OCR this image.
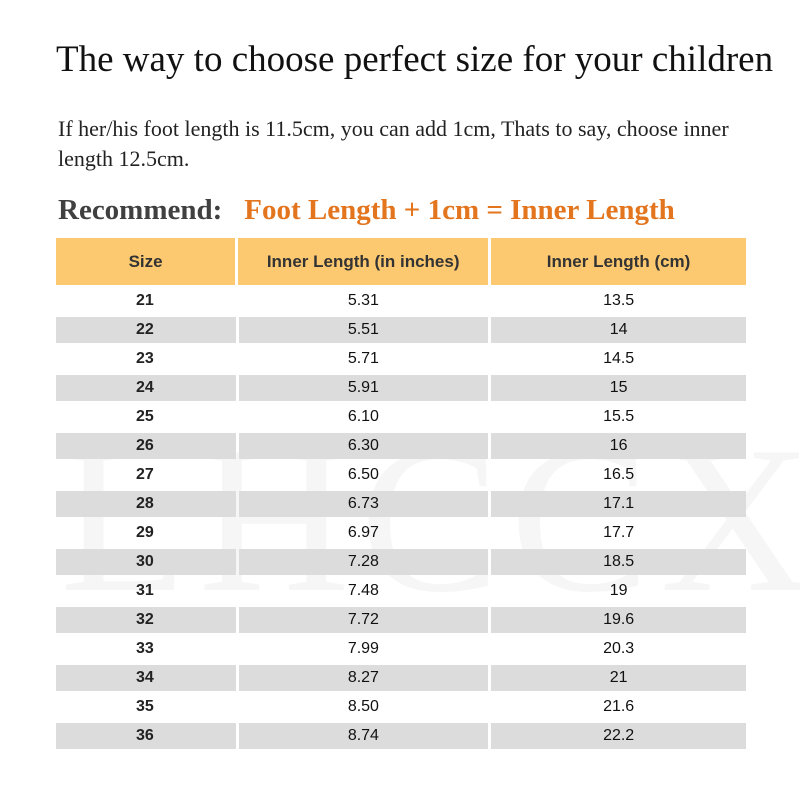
The way to choose perfect size for your children
If her/his foot length is 11.5cm, you can add 1cm, Thats to say, choose inner length 12.5cm.
Recommend: Foot Length + 1cm = Inner Length
Size	Inner Length (in inches)	Inner Length (cm)
21	5.31	13.5
22	5.51	14
23	5.71	14.5
24	5.91	15
25	6.10	15.5
26	6.30	16
27	6.50	16.5
28	6.73	17.1
29	6.97	17.7
30	7.28	18.5
31	7.48	19
32	7.72	19.6
33	7.99	20.3
34	8.27	21
35	8.50	21.6
36	8.74	22.2
